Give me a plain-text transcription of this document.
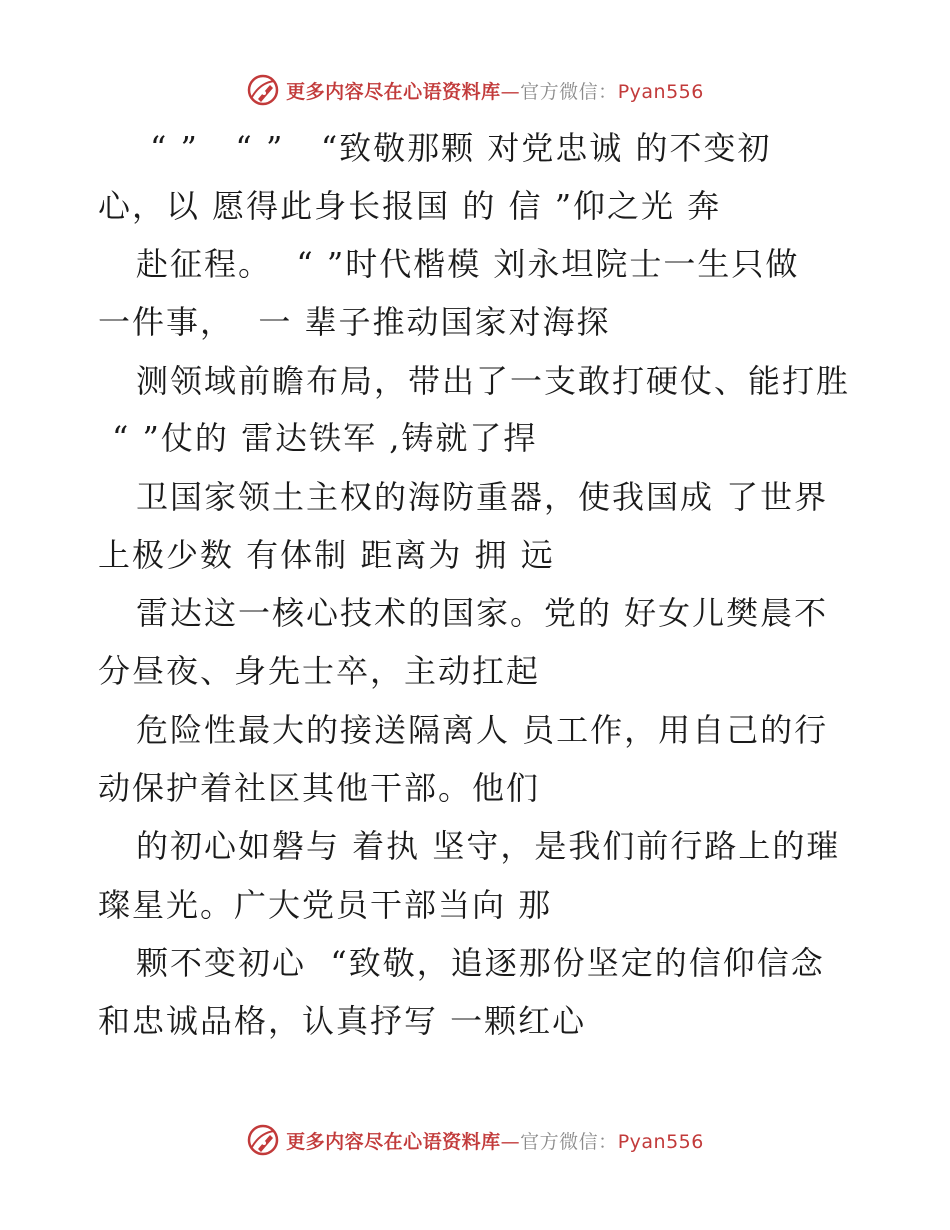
更多内容尽在心语资料库—官方微信：Pyan556
“ ”   “ ”   “致敬那颗 对党忠诚 的不变初
心，以 愿得此身长报国 的 信 ”仰之光 奔
赴征程。  “ ”时代楷模 刘永坦院士一生只做
一件事，  一 辈子推动国家对海探
测领域前瞻布局，带出了一支敢打硬仗、能打胜
“ ”仗的 雷达铁军 ,铸就了捍
卫国家领土主权的海防重器，使我国成 了世界
上极少数 有体制 距离为 拥 远
雷达这一核心技术的国家。党的 好女儿樊晨不
分昼夜、身先士卒，主动扛起
危险性最大的接送隔离人 员工作，用自己的行
动保护着社区其他干部。他们
的初心如磐与 着执 坚守，是我们前行路上的璀
璨星光。广大党员干部当向 那
颗不变初心  “致敬，追逐那份坚定的信仰信念
和忠诚品格，认真抒写 一颗红心
更多内容尽在心语资料库—官方微信：Pyan556
